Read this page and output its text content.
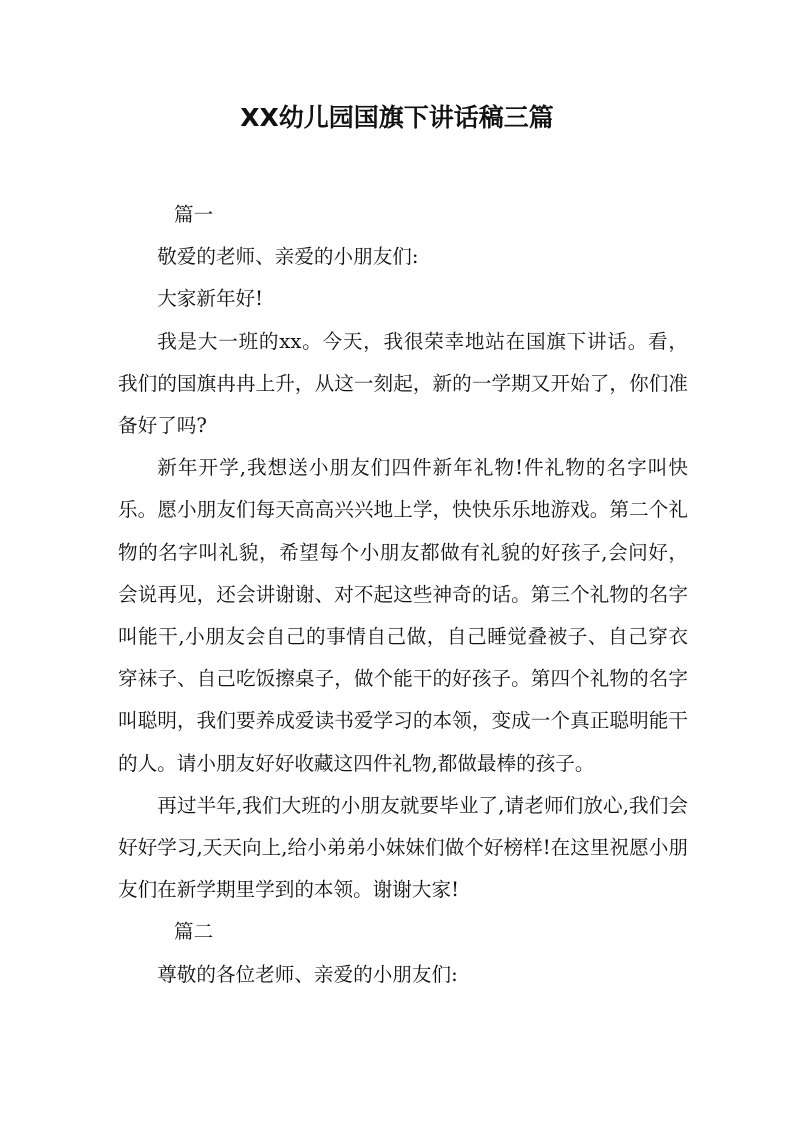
XX幼儿园国旗下讲话稿三篇

篇一

敬爱的老师、亲爱的小朋友们:

大家新年好!

我是大一班的xx。今天，我很荣幸地站在国旗下讲话。看，我们的国旗冉冉上升，从这一刻起，新的一学期又开始了，你们准备好了吗?

新年开学,我想送小朋友们四件新年礼物!件礼物的名字叫快乐。愿小朋友们每天高高兴兴地上学，快快乐乐地游戏。第二个礼物的名字叫礼貌，希望每个小朋友都做有礼貌的好孩子,会问好，会说再见，还会讲谢谢、对不起这些神奇的话。第三个礼物的名字叫能干,小朋友会自己的事情自己做，自己睡觉叠被子、自己穿衣穿袜子、自己吃饭擦桌子，做个能干的好孩子。第四个礼物的名字叫聪明，我们要养成爱读书爱学习的本领，变成一个真正聪明能干的人。请小朋友好好收藏这四件礼物,都做最棒的孩子。

再过半年,我们大班的小朋友就要毕业了,请老师们放心,我们会好好学习,天天向上,给小弟弟小妹妹们做个好榜样!在这里祝愿小朋友们在新学期里学到的本领。谢谢大家!

篇二

尊敬的各位老师、亲爱的小朋友们:
